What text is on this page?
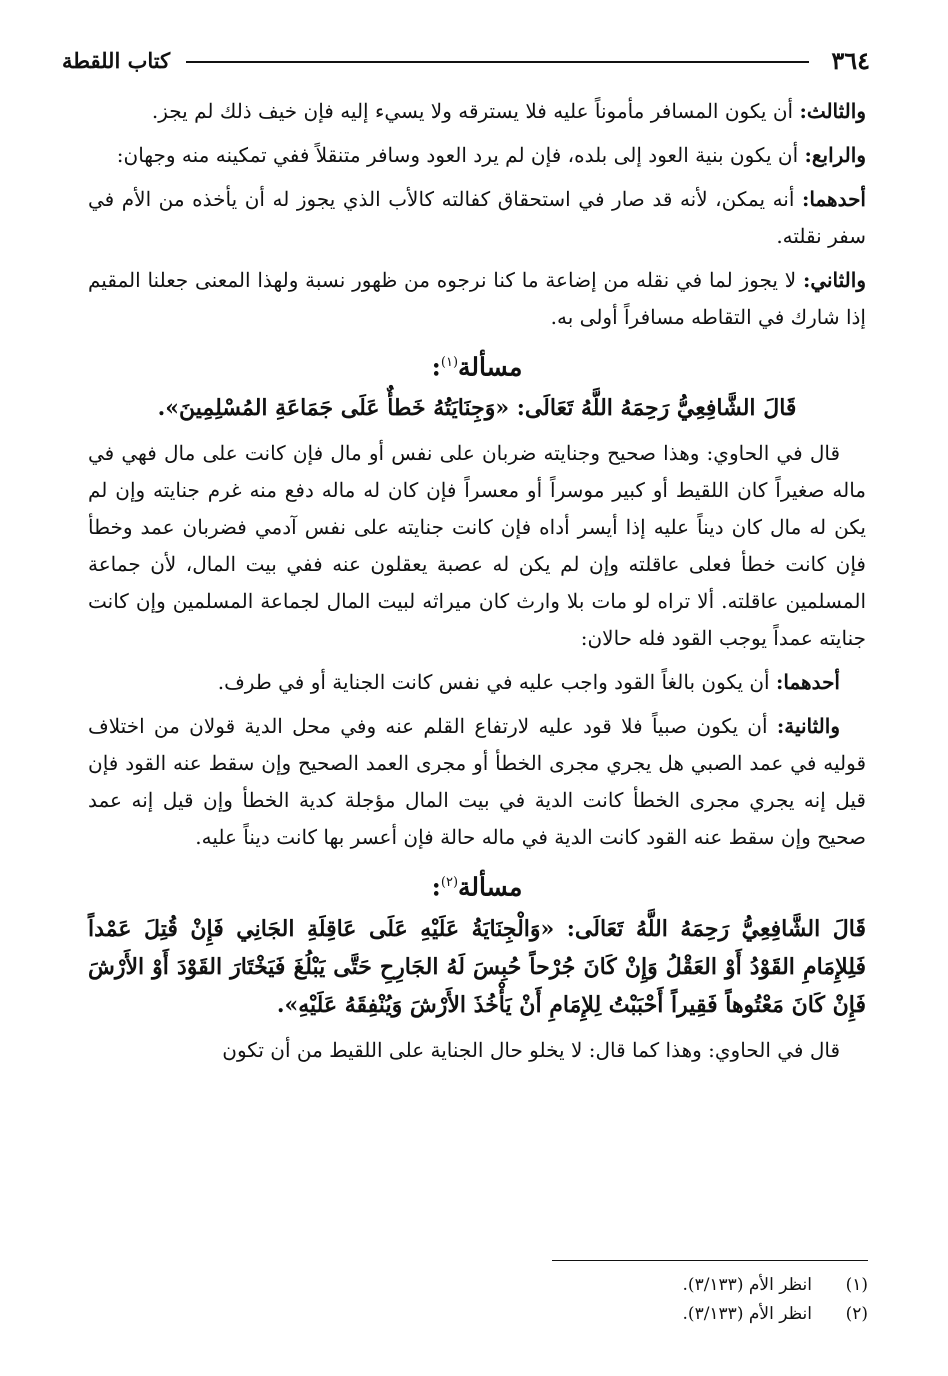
٣٦٤
كتاب اللقطة

والثالث: أن يكون المسافر مأموناً عليه فلا يسترقه ولا يسيء إليه فإن خيف ذلك لم يجز.

والرابع: أن يكون بنية العود إلى بلده، فإن لم يرد العود وسافر متنقلاً ففي تمكينه منه وجهان:

أحدهما: أنه يمكن، لأنه قد صار في استحقاق كفالته كالأب الذي يجوز له أن يأخذه من الأم في سفر نقلته.

والثاني: لا يجوز لما في نقله من إضاعة ما كنا نرجوه من ظهور نسبة ولهذا المعنى جعلنا المقيم إذا شارك في التقاطه مسافراً أولى به.

مسألة$^{(١)}$:

قَالَ الشَّافِعِيُّ رَحِمَهُ اللَّهُ تَعَالَى: «وَجِنَايَتُهُ خَطأٌ عَلَى جَمَاعَةِ المُسْلِمِينَ».

قال في الحاوي: وهذا صحيح وجنايته ضربان على نفس أو مال فإن كانت على مال فهي في ماله صغيراً كان اللقيط أو كبير موسراً أو معسراً فإن كان له ماله دفع منه غرم جنايته وإن لم يكن له مال كان ديناً عليه إذا أيسر أداه فإن كانت جنايته على نفس آدمي فضربان عمد وخطأ فإن كانت خطأ فعلى عاقلته وإن لم يكن له عصبة يعقلون عنه ففي بيت المال، لأن جماعة المسلمين عاقلته. ألا تراه لو مات بلا وارث كان ميراثه لبيت المال لجماعة المسلمين وإن كانت جنايته عمداً يوجب القود فله حالان:

أحدهما: أن يكون بالغاً القود واجب عليه في نفس كانت الجناية أو في طرف.

والثانية: أن يكون صبياً فلا قود عليه لارتفاع القلم عنه وفي محل الدية قولان من اختلاف قوليه في عمد الصبي هل يجري مجرى الخطأ أو مجرى العمد الصحيح وإن سقط عنه القود فإن قيل إنه يجري مجرى الخطأ كانت الدية في بيت المال مؤجلة كدية الخطأ وإن قيل إنه عمد صحيح وإن سقط عنه القود كانت الدية في ماله حالة فإن أعسر بها كانت ديناً عليه.

مسألة$^{(٢)}$:

قَالَ الشَّافِعِيُّ رَحِمَهُ اللَّهُ تَعَالَى: «وَالْجِنَايَةُ عَلَيْهِ عَلَى عَاقِلَةِ الجَانِي فَإِنْ قُتِلَ عَمْداً فَلِلإِمَامِ القَوْدُ أَوْ العَقْلُ وَإِنْ كَانَ جُرْحاً حُبِسَ لَهُ الجَارِحِ حَتَّى يَبْلُغَ فَيَخْتَارَ القَوْدَ أَوْ الأَرْشَ فَإِنْ كَانَ مَعْتُوهاً فَقِيراً أَحْبَبْتُ لِلإِمَامِ أَنْ يَأْخُذَ الأَرْشَ وَيُنْفِقَهُ عَلَيْهِ».

قال في الحاوي: وهذا كما قال: لا يخلو حال الجناية على اللقيط من أن تكون

(١)
انظر الأم (٣/١٣٣).
(٢)
انظر الأم (٣/١٣٣).
